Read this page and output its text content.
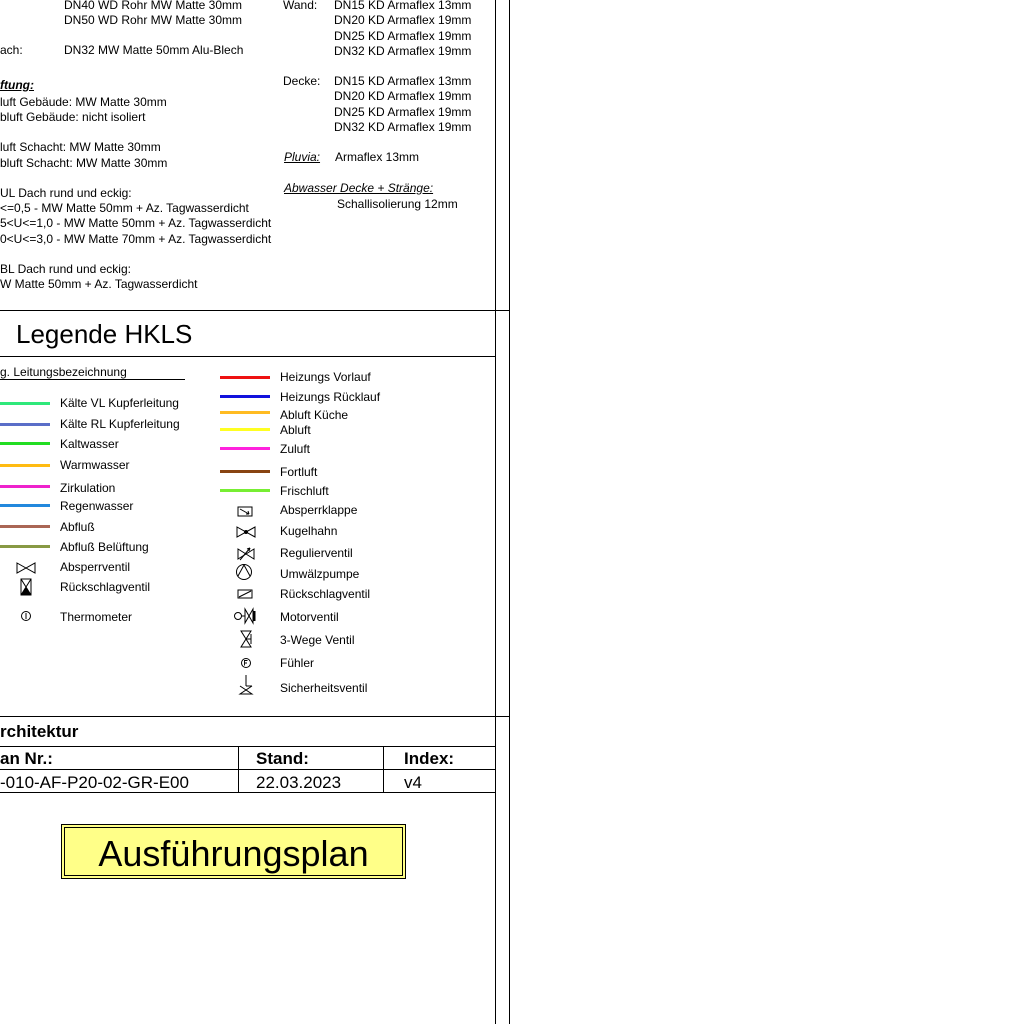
DN40 WD Rohr MW Matte 30mm
DN50 WD Rohr MW Matte 30mm
ach:	DN32 MW Matte 50mm Alu-Blech
ftung:
luft Gebäude: MW Matte 30mm
bluft Gebäude: nicht isoliert
luft Schacht: MW Matte 30mm
bluft Schacht: MW Matte 30mm
UL Dach rund und eckig:
<=0,5 - MW Matte 50mm + Az. Tagwasserdicht
5<U<=1,0 - MW Matte 50mm + Az. Tagwasserdicht
0<U<=3,0 - MW Matte 70mm + Az. Tagwasserdicht
BL Dach rund und eckig:
W Matte 50mm + Az. Tagwasserdicht
Wand: DN15 KD Armaflex 13mm
DN20 KD Armaflex 19mm
DN25 KD Armaflex 19mm
DN32 KD Armaflex 19mm
Decke: DN15 KD Armaflex 13mm
DN20 KD Armaflex 19mm
DN25 KD Armaflex 19mm
DN32 KD Armaflex 19mm
Pluvia: Armaflex 13mm
Abwasser Decke + Stränge:
Schallisolierung 12mm
Legende HKLS
g. Leitungsbezeichnung
Kälte VL Kupferleitung
Kälte RL Kupferleitung
Kaltwasser
Warmwasser
Zirkulation
Regenwasser
Abfluß
Abfluß Belüftung
Absperrventil
Rückschlagventil
Thermometer
Heizungs Vorlauf
Heizungs Rücklauf
Abluft Küche
Abluft
Zuluft
Fortluft
Frischluft
Absperrklappe
Kugelhahn
Regulierventil
Umwälzpumpe
Rückschlagventil
Motorventil
3-Wege Ventil
Fühler
Sicherheitsventil
rchitektur
an Nr.:	Stand:	Index:
-010-AF-P20-02-GR-E00	22.03.2023	v4
Ausführungsplan
